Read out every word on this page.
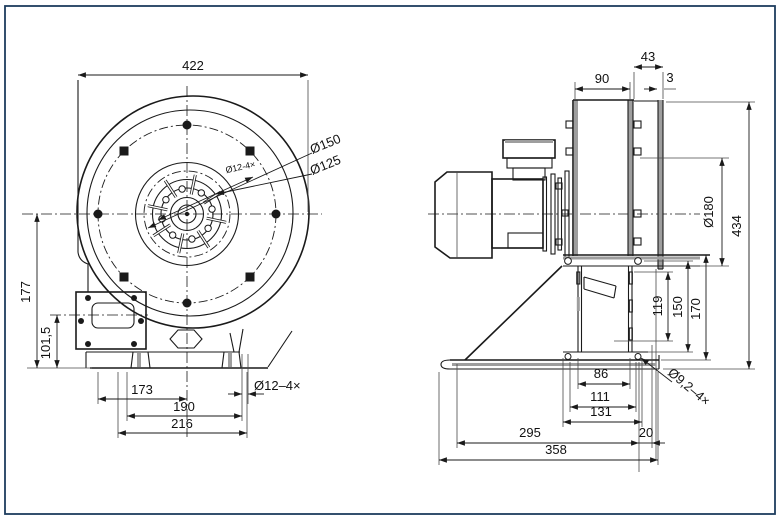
422
177
101,5
173
190
216
Ø12–4×
Ø150
Ø125
Ø12-4×
90
43
3
Ø180 434
119 150 170
86
111
131
Ø9,2–4×
295	20
358
